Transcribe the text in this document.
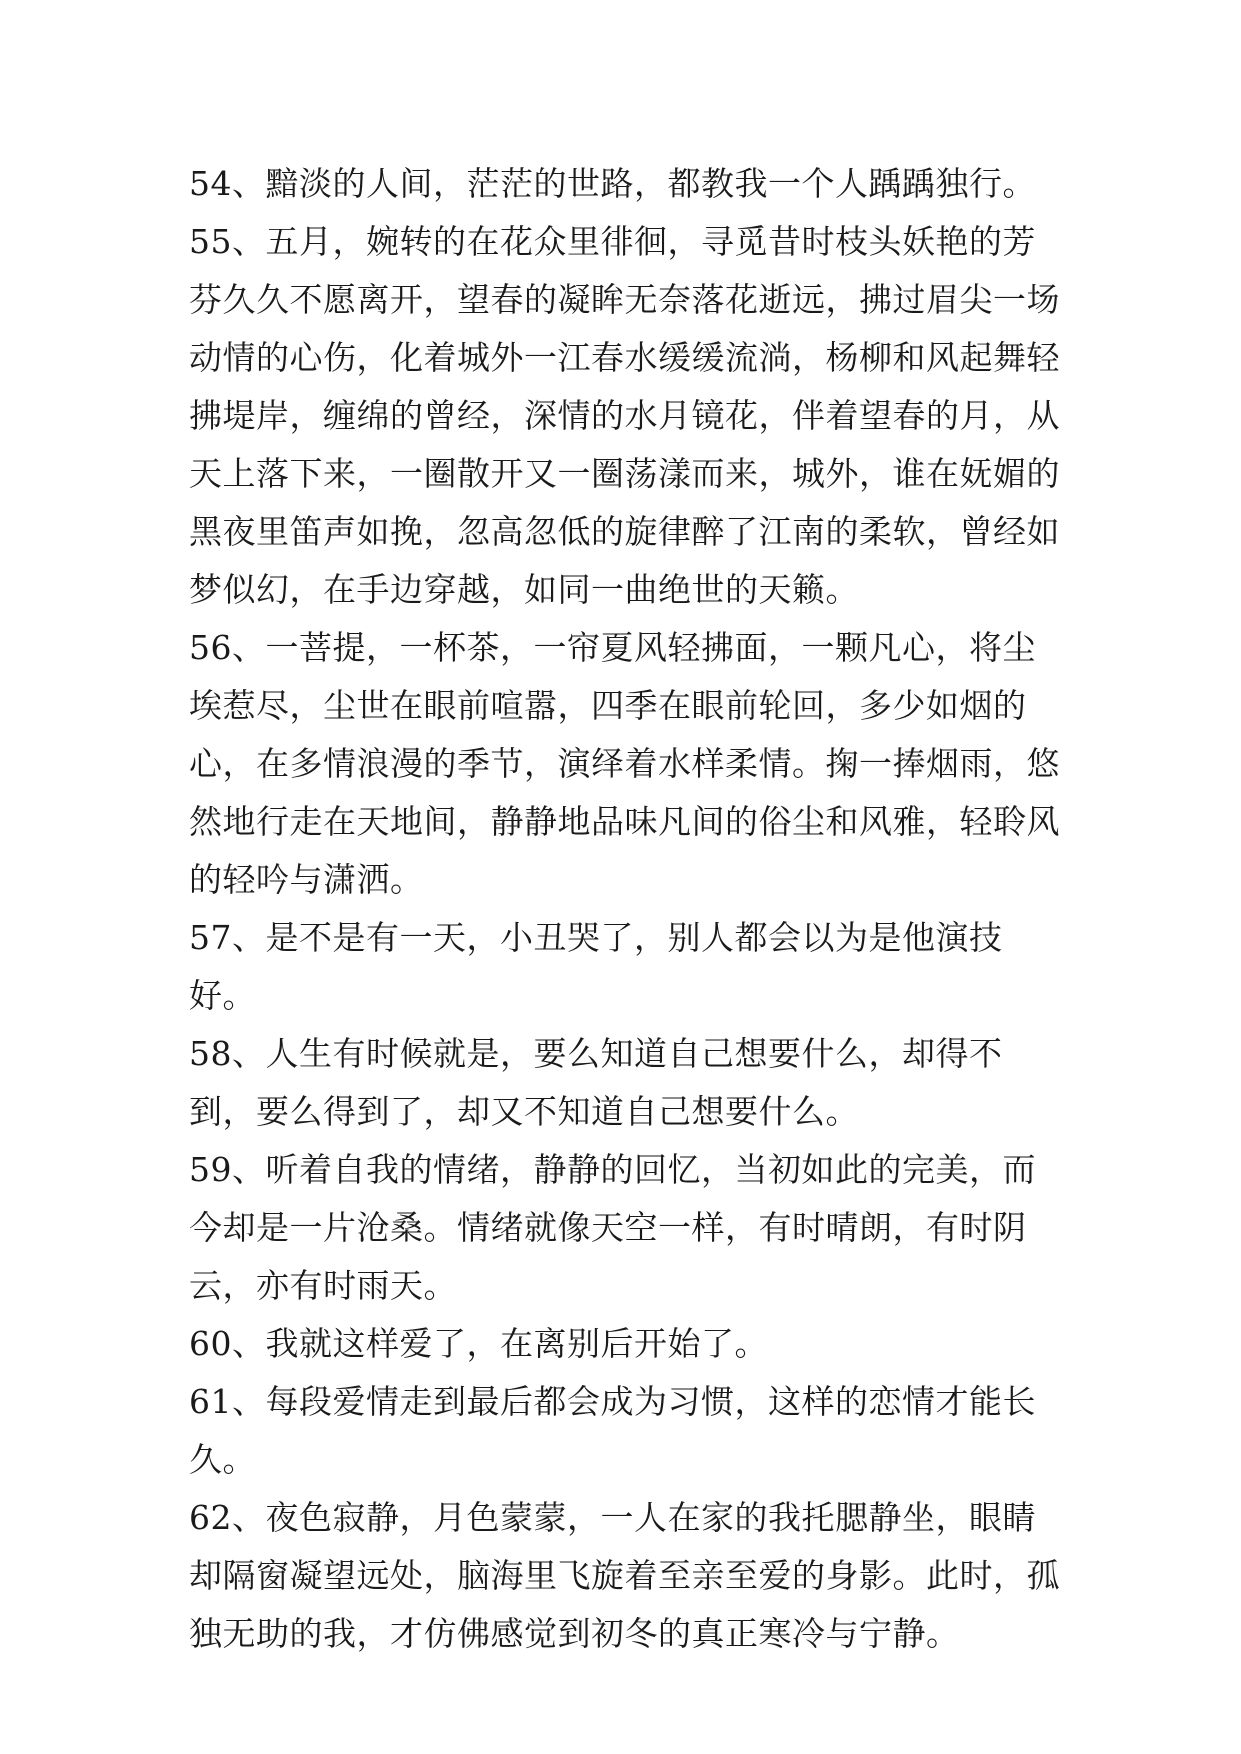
54、黯淡的人间，茫茫的世路，都教我一个人踽踽独行。

55、五月，婉转的在花众里徘徊，寻觅昔时枝头妖艳的芳芬久久不愿离开，望春的凝眸无奈落花逝远，拂过眉尖一场动情的心伤，化着城外一江春水缓缓流淌，杨柳和风起舞轻拂堤岸，缠绵的曾经，深情的水月镜花，伴着望春的月，从天上落下来，一圈散开又一圈荡漾而来，城外，谁在妩媚的黑夜里笛声如挽，忽高忽低的旋律醉了江南的柔软，曾经如梦似幻，在手边穿越，如同一曲绝世的天籁。

56、一菩提，一杯茶，一帘夏风轻拂面，一颗凡心，将尘埃惹尽，尘世在眼前喧嚣，四季在眼前轮回，多少如烟的心，在多情浪漫的季节，演绎着水样柔情。掬一捧烟雨，悠然地行走在天地间，静静地品味凡间的俗尘和风雅，轻聆风的轻吟与潇洒。

57、是不是有一天，小丑哭了，别人都会以为是他演技好。

58、人生有时候就是，要么知道自己想要什么，却得不到，要么得到了，却又不知道自己想要什么。

59、听着自我的情绪，静静的回忆，当初如此的完美，而今却是一片沧桑。情绪就像天空一样，有时晴朗，有时阴云，亦有时雨天。

60、我就这样爱了，在离别后开始了。

61、每段爱情走到最后都会成为习惯，这样的恋情才能长久。

62、夜色寂静，月色蒙蒙，一人在家的我托腮静坐，眼睛却隔窗凝望远处，脑海里飞旋着至亲至爱的身影。此时，孤独无助的我，才仿佛感觉到初冬的真正寒冷与宁静。
